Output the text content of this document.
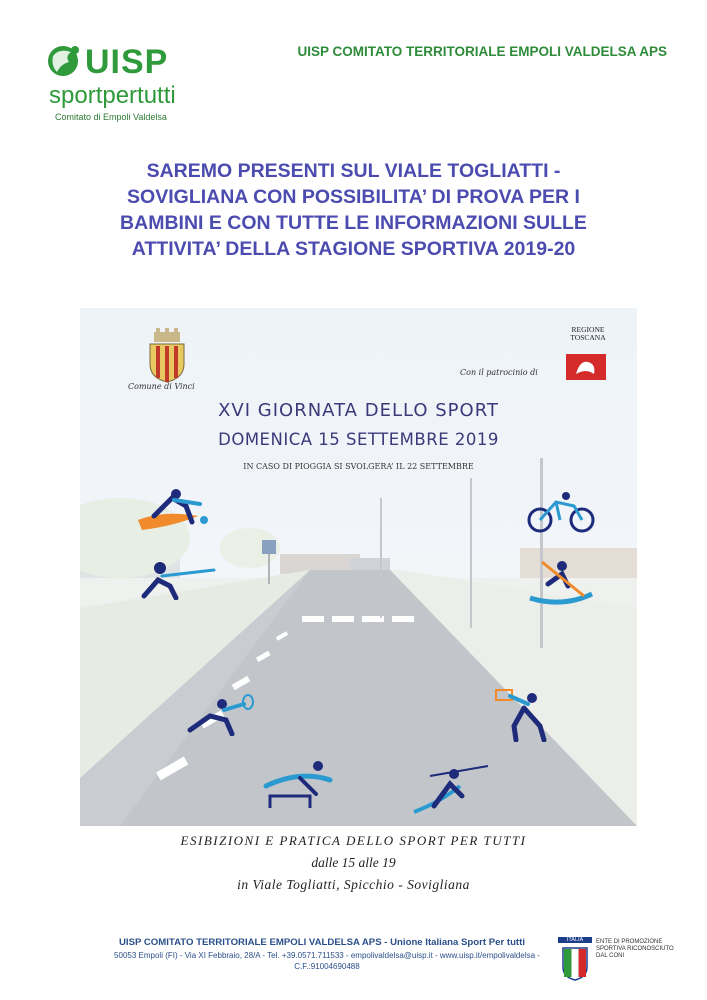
UISP
sportpertutti
Comitato di Empoli Valdelsa
UISP COMITATO TERRITORIALE EMPOLI VALDELSA APS
SAREMO PRESENTI SUL VIALE TOGLIATTI -
SOVIGLIANA CON POSSIBILITA’ DI PROVA PER I
BAMBINI E CON TUTTE LE INFORMAZIONI SULLE
ATTIVITA’ DELLA STAGIONE SPORTIVA 2019-20
Comune di Vinci
Con il patrocinio di
REGIONE TOSCANA
XVI GIORNATA DELLO SPORT
DOMENICA 15 SETTEMBRE 2019
IN CASO DI PIOGGIA SI SVOLGERA’ IL 22 SETTEMBRE
ESIBIZIONI E PRATICA DELLO SPORT PER TUTTI
dalle 15 alle 19
in Viale Togliatti, Spicchio - Sovigliana
UISP COMITATO TERRITORIALE EMPOLI VALDELSA APS - Unione Italiana Sport Per tutti
50053 Empoli (FI) - Via XI Febbraio, 28/A - Tel. +39.0571.711533 - empolivaldelsa@uisp.it - www.uisp.it/empolivaldelsa - C.F.:91004690488
ITALIA	ENTE DI PROMOZIONE SPORTIVA RICONOSCIUTO DAL CONI
